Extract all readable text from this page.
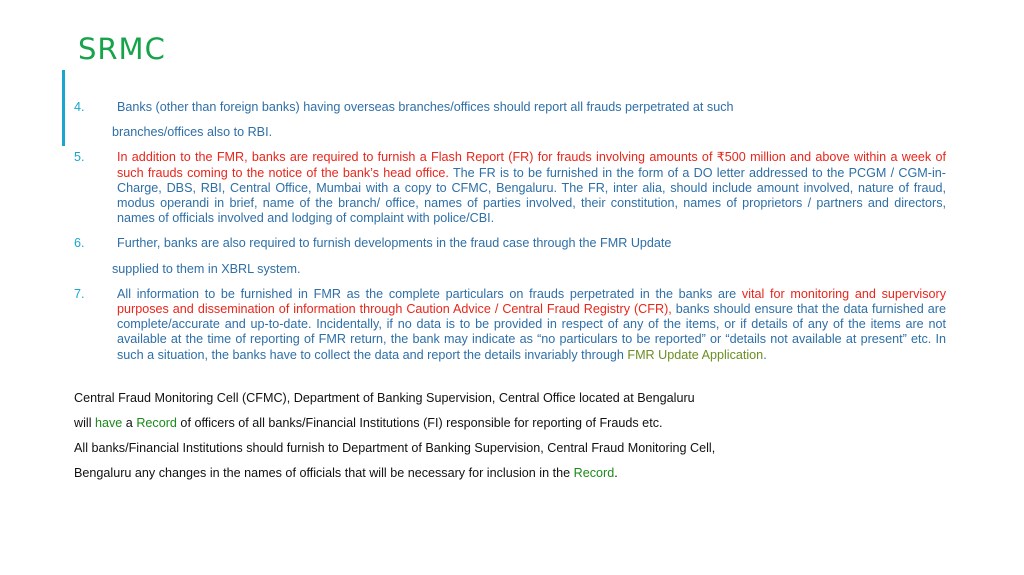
SRMC
4.	Banks (other than foreign banks) having overseas branches/offices should report all frauds perpetrated at such
branches/offices also to RBI.
5.	In addition to the FMR, banks are required to furnish a Flash Report (FR) for frauds involving amounts of ₹500 million and above within a week of such frauds coming to the notice of the bank’s head office. The FR is to be furnished in the form of a DO letter addressed to the PCGM / CGM-in-Charge, DBS, RBI, Central Office, Mumbai with a copy to CFMC, Bengaluru. The FR, inter alia, should include amount involved, nature of fraud, modus operandi in brief, name of the branch/ office, names of parties involved, their constitution, names of proprietors / partners and directors, names of officials involved and lodging of complaint with police/CBI.
6.	Further, banks are also required to furnish developments in the fraud case through the FMR Update
supplied to them in XBRL system.
7.	All information to be furnished in FMR as the complete particulars on frauds perpetrated in the banks are vital for monitoring and supervisory purposes and dissemination of information through Caution Advice / Central Fraud Registry (CFR), banks should ensure that the data furnished are complete/accurate and up-to-date. Incidentally, if no data is to be provided in respect of any of the items, or if details of any of the items are not available at the time of reporting of FMR return, the bank may indicate as “no particulars to be reported” or “details not available at present” etc. In such a situation, the banks have to collect the data and report the details invariably through FMR Update Application.
Central Fraud Monitoring Cell (CFMC), Department of Banking Supervision, Central Office located at Bengaluru
will have a Record of officers of all banks/Financial Institutions (FI) responsible for reporting of Frauds etc.
All banks/Financial Institutions should furnish to Department of Banking Supervision, Central Fraud Monitoring Cell,
Bengaluru any changes in the names of officials that will be necessary for inclusion in the Record.
